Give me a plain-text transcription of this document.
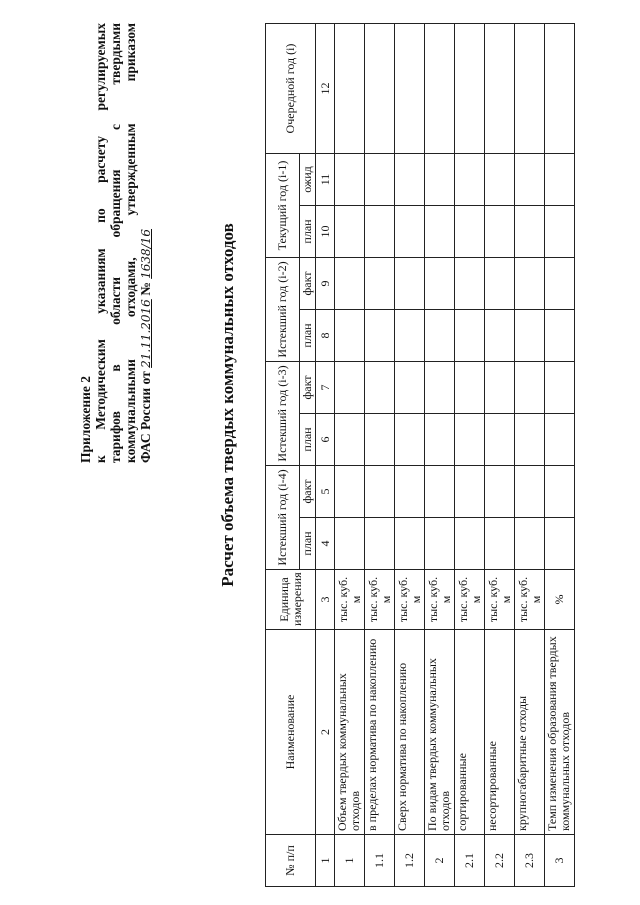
Приложение 2 к Методическим указаниям по расчету регулируемых тарифов в области обращения с твердыми коммунальными отходами, утвержденным приказом ФАС России от 21.11.2016 № 1638/16	Расчет объема твердых коммунальных отходов
№ п/п	Наименование	Единица измерения	Истекший год (i-4)		Истекший год (i-3)		Истекший год (i-2)		Текущий год (i-1)		Очередной год (i)
			план	факт	план	факт	план	факт	план	ожид	
1	2	3	4	5	6	7	8	9	10	11	12
1	Объем твердых коммунальных отходов	тыс. куб. м									
1.1	в пределах норматива по накоплению	тыс. куб. м									
1.2	Сверх норматива по накоплению	тыс. куб. м									
2	По видам твердых коммунальных отходов	тыс. куб. м									
2.1	сортированные	тыс. куб. м									
2.2	несортированные	тыс. куб. м									
2.3	крупногабаритные отходы	тыс. куб. м									
3	Темп изменения образования твердых коммунальных отходов	%									
